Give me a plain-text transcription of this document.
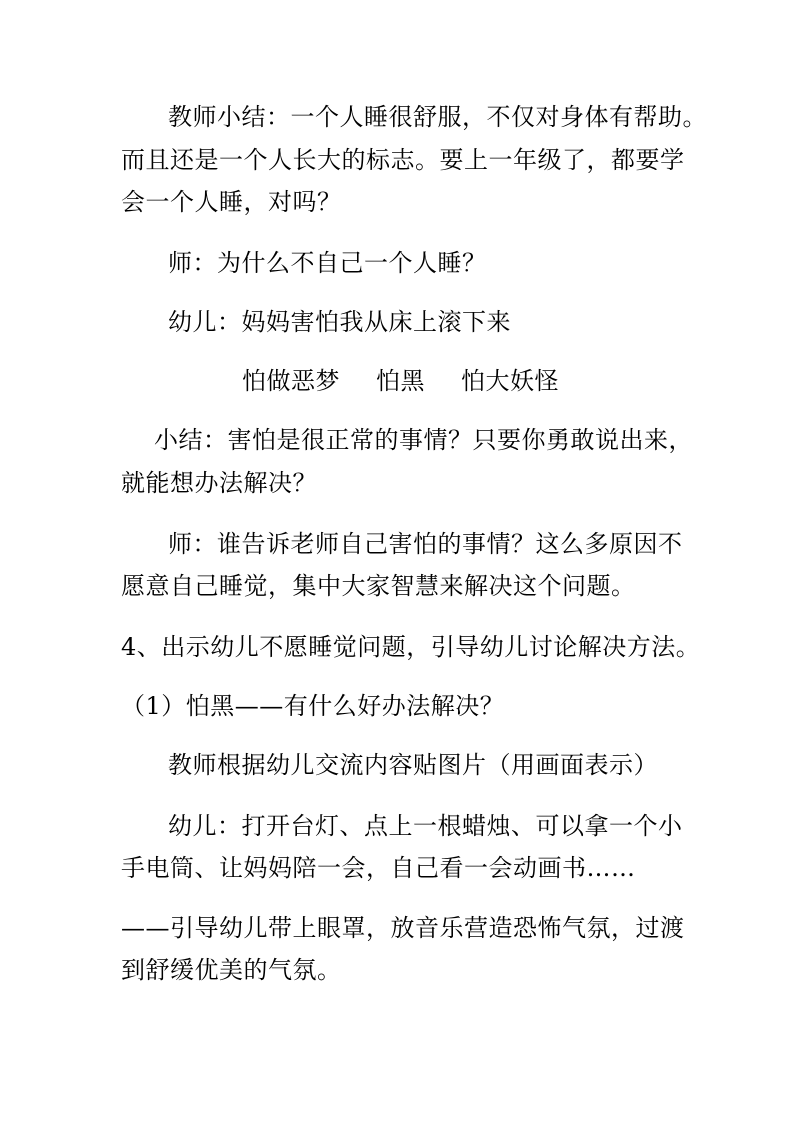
教师小结：一个人睡很舒服，不仅对身体有帮助。
而且还是一个人长大的标志。要上一年级了，都要学
会一个人睡，对吗？
师：为什么不自己一个人睡？
幼儿：妈妈害怕我从床上滚下来
怕做恶梦 怕黑 怕大妖怪
小结：害怕是很正常的事情？只要你勇敢说出来，
就能想办法解决？
师：谁告诉老师自己害怕的事情？这么多原因不
愿意自己睡觉，集中大家智慧来解决这个问题。
4、出示幼儿不愿睡觉问题，引导幼儿讨论解决方法。
（1）怕黑——有什么好办法解决？
教师根据幼儿交流内容贴图片（用画面表示）
幼儿：打开台灯、点上一根蜡烛、可以拿一个小
手电筒、让妈妈陪一会，自己看一会动画书……
——引导幼儿带上眼罩，放音乐营造恐怖气氛，过渡
到舒缓优美的气氛。
